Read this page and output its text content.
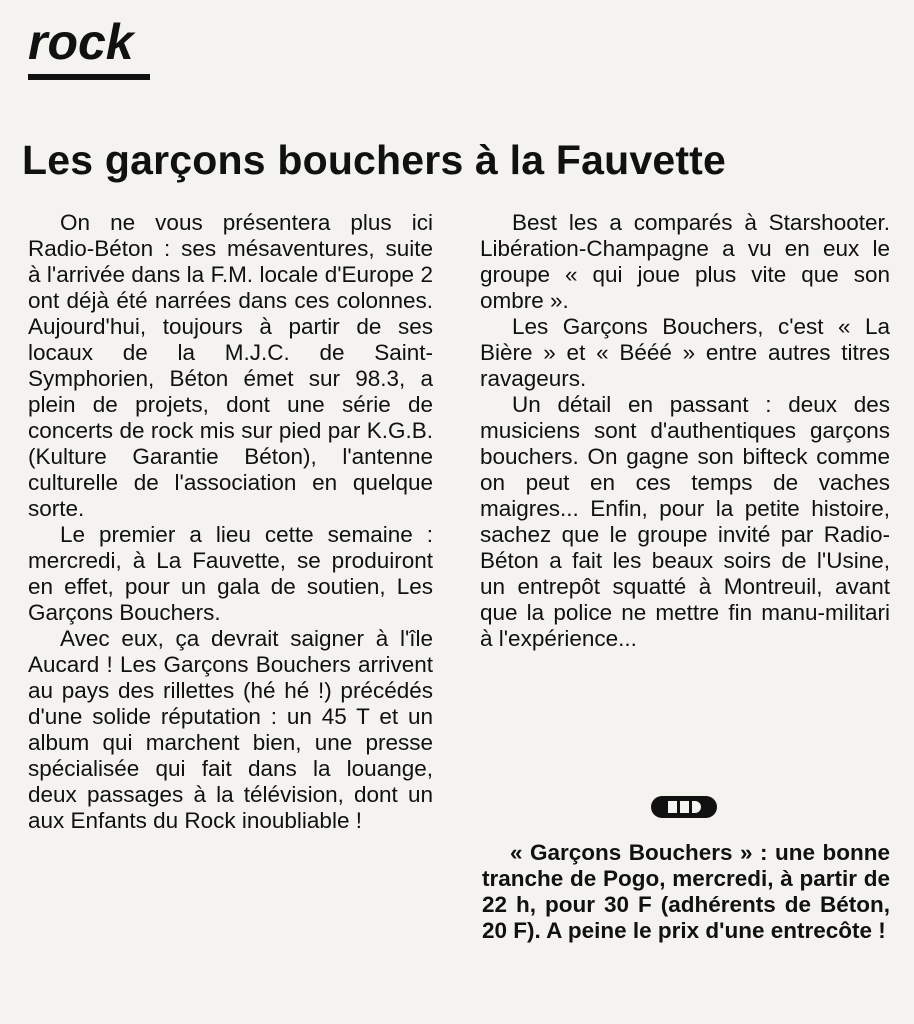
rock
Les garçons bouchers à la Fauvette

On ne vous présentera plus ici Radio-Béton : ses mésaventures, suite à l'arrivée dans la F.M. locale d'Europe 2 ont déjà été narrées dans ces colonnes. Aujourd'hui, toujours à partir de ses locaux de la M.J.C. de Saint-Symphorien, Béton émet sur 98.3, a plein de projets, dont une série de concerts de rock mis sur pied par K.G.B. (Kulture Garantie Béton), l'antenne culturelle de l'association en quelque sorte.

Le premier a lieu cette semaine : mercredi, à La Fauvette, se produiront en effet, pour un gala de soutien, Les Garçons Bouchers.

Avec eux, ça devrait saigner à l'île Aucard ! Les Garçons Bouchers arrivent au pays des rillettes (hé hé !) précédés d'une solide réputation : un 45 T et un album qui marchent bien, une presse spécialisée qui fait dans la louange, deux passages à la télévision, dont un aux Enfants du Rock inoubliable !

Best les a comparés à Starshooter. Libération-Champagne a vu en eux le groupe « qui joue plus vite que son ombre ».

Les Garçons Bouchers, c'est « La Bière » et « Bééé » entre autres titres ravageurs.

Un détail en passant : deux des musiciens sont d'authentiques garçons bouchers. On gagne son bifteck comme on peut en ces temps de vaches maigres... Enfin, pour la petite histoire, sachez que le groupe invité par Radio-Béton a fait les beaux soirs de l'Usine, un entrepôt squatté à Montreuil, avant que la police ne mettre fin manu-militari à l'expérience...

« Garçons Bouchers » : une bonne tranche de Pogo, mercredi, à partir de 22 h, pour 30 F (adhérents de Béton, 20 F). A peine le prix d'une entrecôte !
